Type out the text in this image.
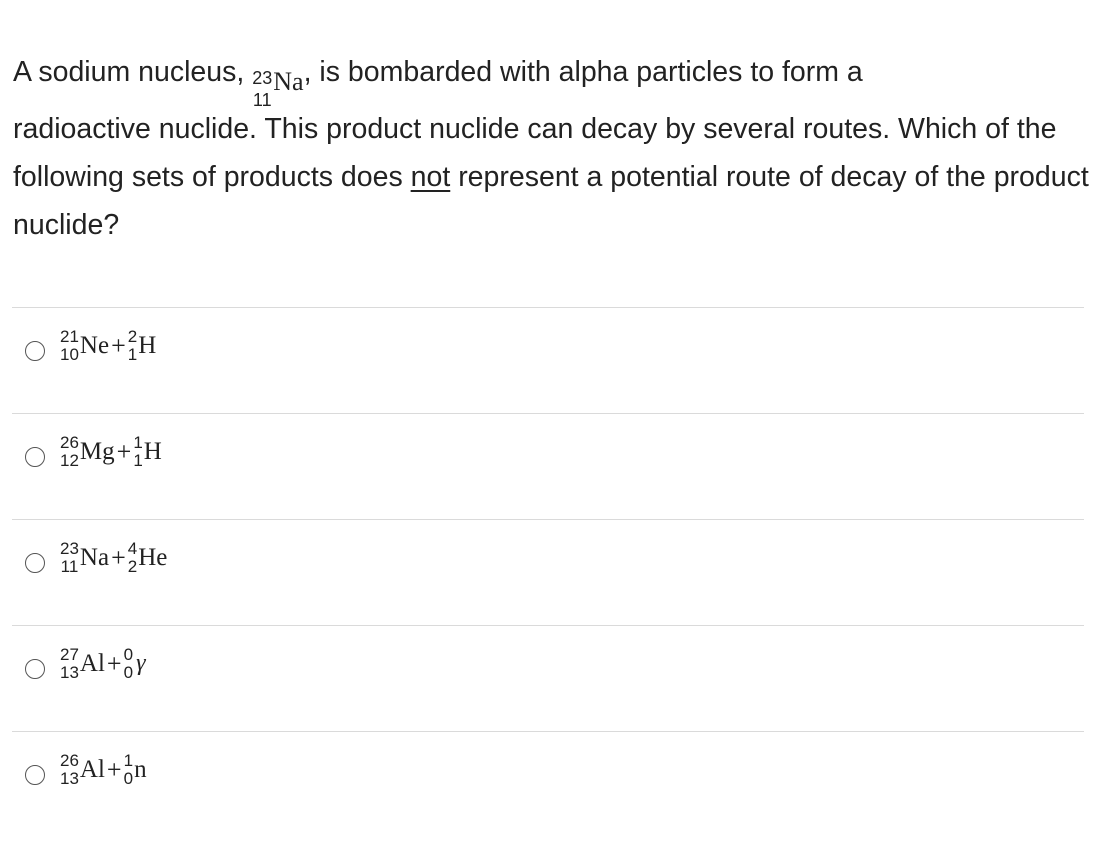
A sodium nucleus, 23
11
Na , is bombarded with alpha particles to form a
radioactive nuclide. This product nuclide can decay by several routes. Which of the following sets of products does not represent a potential route of decay of the product nuclide?
21
10 Ne + 2
1 H
26
12 Mg + 1
1 H
23
11 Na + 4
2 He
27
13 Al + 0
0 γ
26
13 Al + 1
0 n
